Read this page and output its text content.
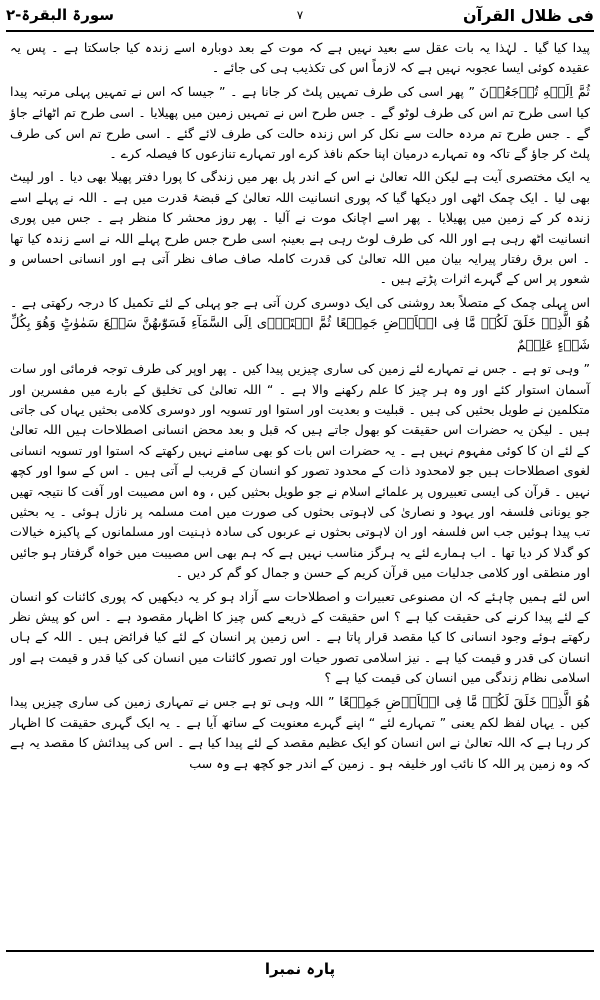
فی ظلال القرآن
۷
سورۃ البقرۃ-۲

پیدا کیا گیا ۔ لہٰذا یہ بات عقل سے بعید نہیں ہے کہ موت کے بعد دوبارہ اسے زندہ کیا جاسکتا ہے ۔ پس یہ عقیدہ کوئی ایسا عجوبہ نہیں ہے کہ لازماً اس کی تکذیب ہی کی جائے ۔

ثُمَّ اِلَيۡهِ تُرۡجَعُوۡنَ ” پھر اسی کی طرف تمہیں پلٹ کر جانا ہے ۔ ” جیسا کہ اس نے تمہیں پہلی مرتبہ پیدا کیا اسی طرح تم اس کی طرف لوٹو گے ۔ جس طرح اس نے تمہیں زمین میں پھیلایا ۔ اسی طرح تم اٹھائے جاؤ گے ۔ جس طرح تم مردہ حالت سے نکل کر اس زندہ حالت کی طرف لائے گئے ۔ اسی طرح تم اس کی طرف پلٹ کر جاؤ گے تاکہ وہ تمہارے درمیان اپنا حکم نافذ کرے اور تمہارے تنازعوں کا فیصلہ کرے ۔

یہ ایک مختصری آیت ہے لیکن اللہ تعالیٰ نے اس کے اندر پل بھر میں زندگی کا پورا دفتر پھیلا بھی دیا ۔ اور لپیٹ بھی لیا ۔ ایک چمک اٹھی اور دیکھا گیا کہ پوری انسانیت اللہ تعالیٰ کے قبضۂ قدرت میں ہے ۔ اللہ نے پہلے اسے زندہ کر کے زمین میں پھیلایا ۔ پھر اسے اچانک موت نے آلیا ۔ پھر روز محشر کا منظر ہے ۔ جس میں پوری انسانیت اٹھ رہی ہے اور اللہ کی طرف لوٹ رہی ہے بعینہٖ اسی طرح جس طرح پہلے اللہ نے اسے زندہ کیا تھا ۔ اس برق رفتار پیرایہ بیان میں اللہ تعالیٰ کی قدرت کاملہ صاف صاف نظر آتی ہے اور انسانی احساس و شعور پر اس کے گہرے اثرات پڑتے ہیں ۔

اس پہلی چمک کے متصلاً بعد روشنی کی ایک دوسری کرن آتی ہے جو پہلی کے لئے تکمیل کا درجہ رکھتی ہے ۔ هُوَ الَّذِىۡ خَلَقَ لَكُمۡ مَّا فِى الۡاَرۡضِ جَمِيۡعًا ثُمَّ اسۡتَوٰۤى اِلَى السَّمَآءِ فَسَوّٰٮهُنَّ سَبۡعَ سَمٰوٰتٍ‌ؕ وَهُوَ بِكُلِّ شَىۡءٍ عَلِيۡمٌ

” وہی تو ہے ۔ جس نے تمہارے لئے زمین کی ساری چیزیں پیدا کیں ۔ پھر اوپر کی طرف توجہ فرمائی اور سات آسمان استوار کئے اور وہ ہر چیز کا علم رکھنے والا ہے ۔ “ اللہ تعالیٰ کی تخلیق کے بارے میں مفسرین اور متکلمین نے طویل بحثیں کی ہیں ۔ قبلیت و بعدیت اور استوا اور تسویہ اور دوسری کلامی بحثیں یہاں کی جاتی ہیں ۔ لیکن یہ حضرات اس حقیقت کو بھول جاتے ہیں کہ قبل و بعد محض انسانی اصطلاحات ہیں اللہ تعالیٰ کے لئے ان کا کوئی مفہوم نہیں ہے ۔ یہ حضرات اس بات کو بھی سامنے نہیں رکھتے کہ استوا اور تسویہ انسانی لغوی اصطلاحات ہیں جو لامحدود ذات کے محدود تصور کو انسان کے قریب لے آتی ہیں ۔ اس کے سوا اور کچھ نہیں ۔ قرآن کی ایسی تعبیروں پر علمائے اسلام نے جو طویل بحثیں کیں ، وہ اس مصیبت اور آفت کا نتیجہ تھیں جو یونانی فلسفہ اور یہود و نصاریٰ کی لاہوتی بحثوں کی صورت میں امت مسلمہ پر نازل ہوئی ۔ یہ بحثیں تب پیدا ہوئیں جب اس فلسفہ اور ان لاہوتی بحثوں نے عربوں کی سادہ ذہنیت اور مسلمانوں کے پاکیزہ خیالات کو گدلا کر دیا تھا ۔ اب ہمارے لئے یہ ہرگز مناسب نہیں ہے کہ ہم بھی اس مصیبت میں خواہ گرفتار ہو جائیں اور منطقی اور کلامی جدلیات میں قرآن کریم کے حسن و جمال کو گم کر دیں ۔

اس لئے ہمیں چاہئے کہ ان مصنوعی تعبیرات و اصطلاحات سے آزاد ہو کر یہ دیکھیں کہ پوری کائنات کو انسان کے لئے پیدا کرنے کی حقیقت کیا ہے ؟ اس حقیقت کے ذریعے کس چیز کا اظہار مقصود ہے ۔ اس کو پیش نظر رکھتے ہوئے وجود انسانی کا کیا مقصد قرار پاتا ہے ۔ اس زمین پر انسان کے لئے کیا فرائض ہیں ۔ اللہ کے ہاں انسان کی قدر و قیمت کیا ہے ۔ نیز اسلامی تصور حیات اور تصور کائنات میں انسان کی کیا قدر و قیمت ہے اور اسلامی نظام زندگی میں انسان کی قیمت کیا ہے ؟

هُوَ الَّذِىۡ خَلَقَ لَكُمۡ مَّا فِى الۡاَرۡضِ جَمِيۡعًا ” اللہ وہی تو ہے جس نے تمہاری زمین کی ساری چیزیں پیدا کیں ۔ یہاں لفظ لکم یعنی ” تمہارے لئے “ اپنے گہرے معنویت کے ساتھ آیا ہے ۔ یہ ایک گہری حقیقت کا اظہار کر رہا ہے کہ اللہ تعالیٰ نے اس انسان کو ایک عظیم مقصد کے لئے پیدا کیا ہے ۔ اس کی پیدائش کا مقصد یہ ہے کہ وہ زمین پر اللہ کا نائب اور خلیفہ ہو ۔ زمین کے اندر جو کچھ ہے وہ سب

پارہ نمبرا
